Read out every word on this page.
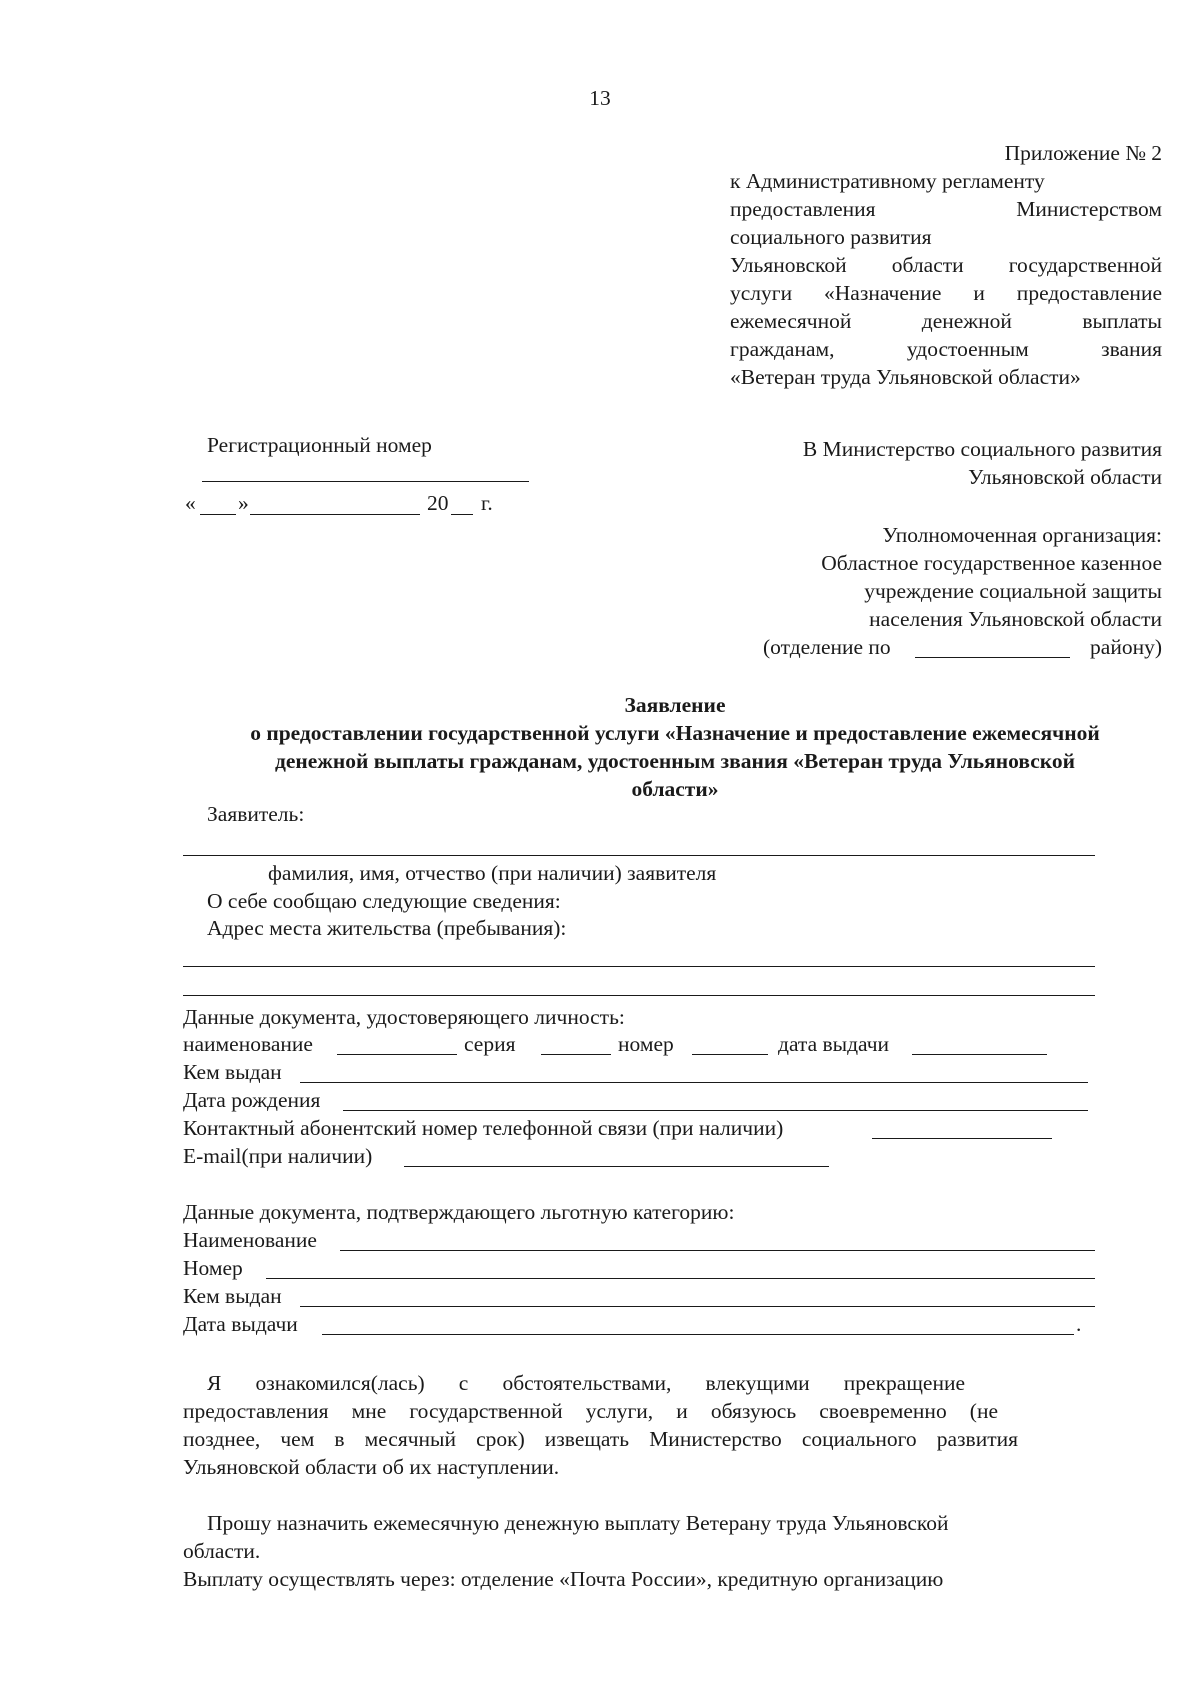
13
Приложение № 2
к Административному регламенту
предоставления Министерством
социального развития
Ульяновской области государственной
услуги «Назначение и предоставление
ежемесячной денежной выплаты
гражданам, удостоенным звания
«Ветеран труда Ульяновской области»
Регистрационный номер
« »	20 г.
В Министерство социального развития
Ульяновской области
Уполномоченная организация:
Областное государственное казенное
учреждение социальной защиты
населения Ульяновской области
(отделение по	району)
Заявление
о предоставлении государственной услуги «Назначение и предоставление ежемесячной
денежной выплаты гражданам, удостоенным звания «Ветеран труда Ульяновской
области»
Заявитель:
фамилия, имя, отчество (при наличии) заявителя
О себе сообщаю следующие сведения:
Адрес места жительства (пребывания):
Данные документа, удостоверяющего личность:
наименование	серия	номер	дата выдачи
Кем выдан
Дата рождения
Контактный абонентский номер телефонной связи (при наличии)
E-mail(при наличии)
Данные документа, подтверждающего льготную категорию:
Наименование
Номер
Кем выдан
Дата выдачи	.
Я ознакомился(лась) с обстоятельствами, влекущими прекращение
предоставления мне государственной услуги, и обязуюсь своевременно (не
позднее, чем в месячный срок) извещать Министерство социального развития
Ульяновской области об их наступлении.
Прошу назначить ежемесячную денежную выплату Ветерану труда Ульяновской
области.
Выплату осуществлять через: отделение «Почта России», кредитную организацию
